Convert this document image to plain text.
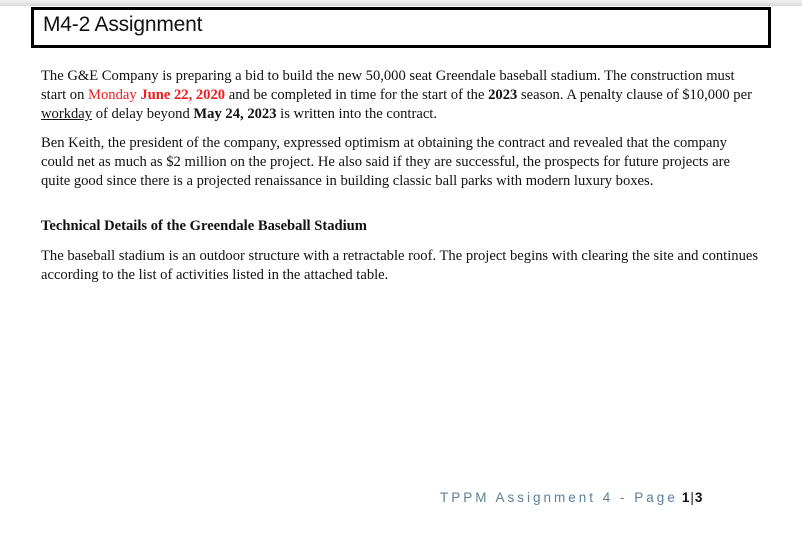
M4-2 Assignment

The G&E Company is preparing a bid to build the new 50,000 seat Greendale baseball stadium. The construction must start on Monday June 22, 2020 and be completed in time for the start of the 2023 season. A penalty clause of $10,000 per workday of delay beyond May 24, 2023 is written into the contract.

Ben Keith, the president of the company, expressed optimism at obtaining the contract and revealed that the company could net as much as $2 million on the project. He also said if they are successful, the prospects for future projects are quite good since there is a projected renaissance in building classic ball parks with modern luxury boxes.

Technical Details of the Greendale Baseball Stadium

The baseball stadium is an outdoor structure with a retractable roof. The project begins with clearing the site and continues according to the list of activities listed in the attached table.

TPPM Assignment 4 - Page 1|3
